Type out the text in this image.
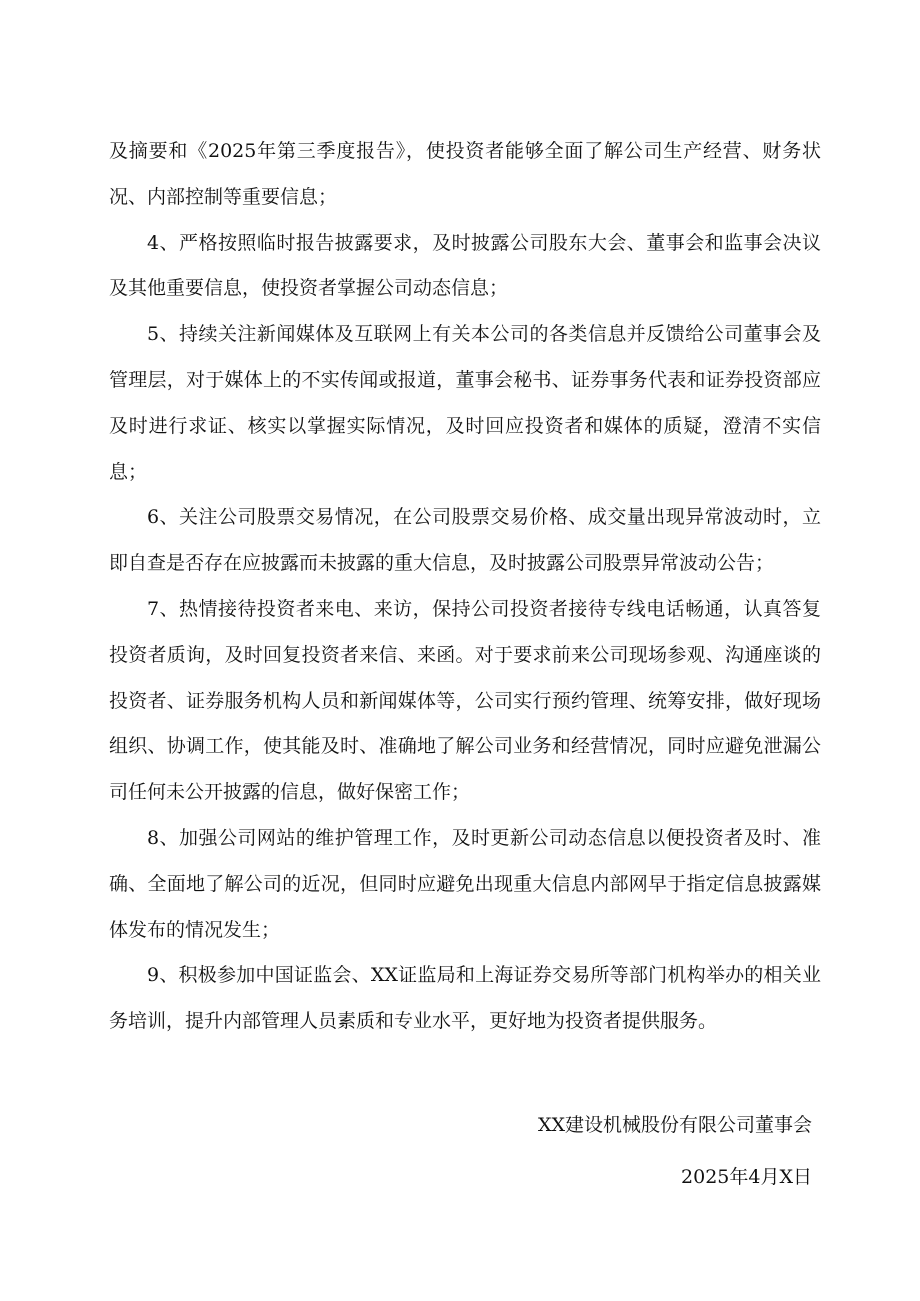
及摘要和《2025年第三季度报告》，使投资者能够全面了解公司生产经营、财务状况、内部控制等重要信息；

4、严格按照临时报告披露要求，及时披露公司股东大会、董事会和监事会决议及其他重要信息，使投资者掌握公司动态信息；

5、持续关注新闻媒体及互联网上有关本公司的各类信息并反馈给公司董事会及管理层，对于媒体上的不实传闻或报道，董事会秘书、证券事务代表和证券投资部应及时进行求证、核实以掌握实际情况，及时回应投资者和媒体的质疑，澄清不实信息；

6、关注公司股票交易情况，在公司股票交易价格、成交量出现异常波动时，立即自查是否存在应披露而未披露的重大信息，及时披露公司股票异常波动公告；

7、热情接待投资者来电、来访，保持公司投资者接待专线电话畅通，认真答复投资者质询，及时回复投资者来信、来函。对于要求前来公司现场参观、沟通座谈的投资者、证券服务机构人员和新闻媒体等，公司实行预约管理、统筹安排，做好现场组织、协调工作，使其能及时、准确地了解公司业务和经营情况，同时应避免泄漏公司任何未公开披露的信息，做好保密工作；

8、加强公司网站的维护管理工作，及时更新公司动态信息以便投资者及时、准确、全面地了解公司的近况，但同时应避免出现重大信息内部网早于指定信息披露媒体发布的情况发生；

9、积极参加中国证监会、XX证监局和上海证券交易所等部门机构举办的相关业务培训，提升内部管理人员素质和专业水平，更好地为投资者提供服务。

XX建设机械股份有限公司董事会
2025年4月X日
